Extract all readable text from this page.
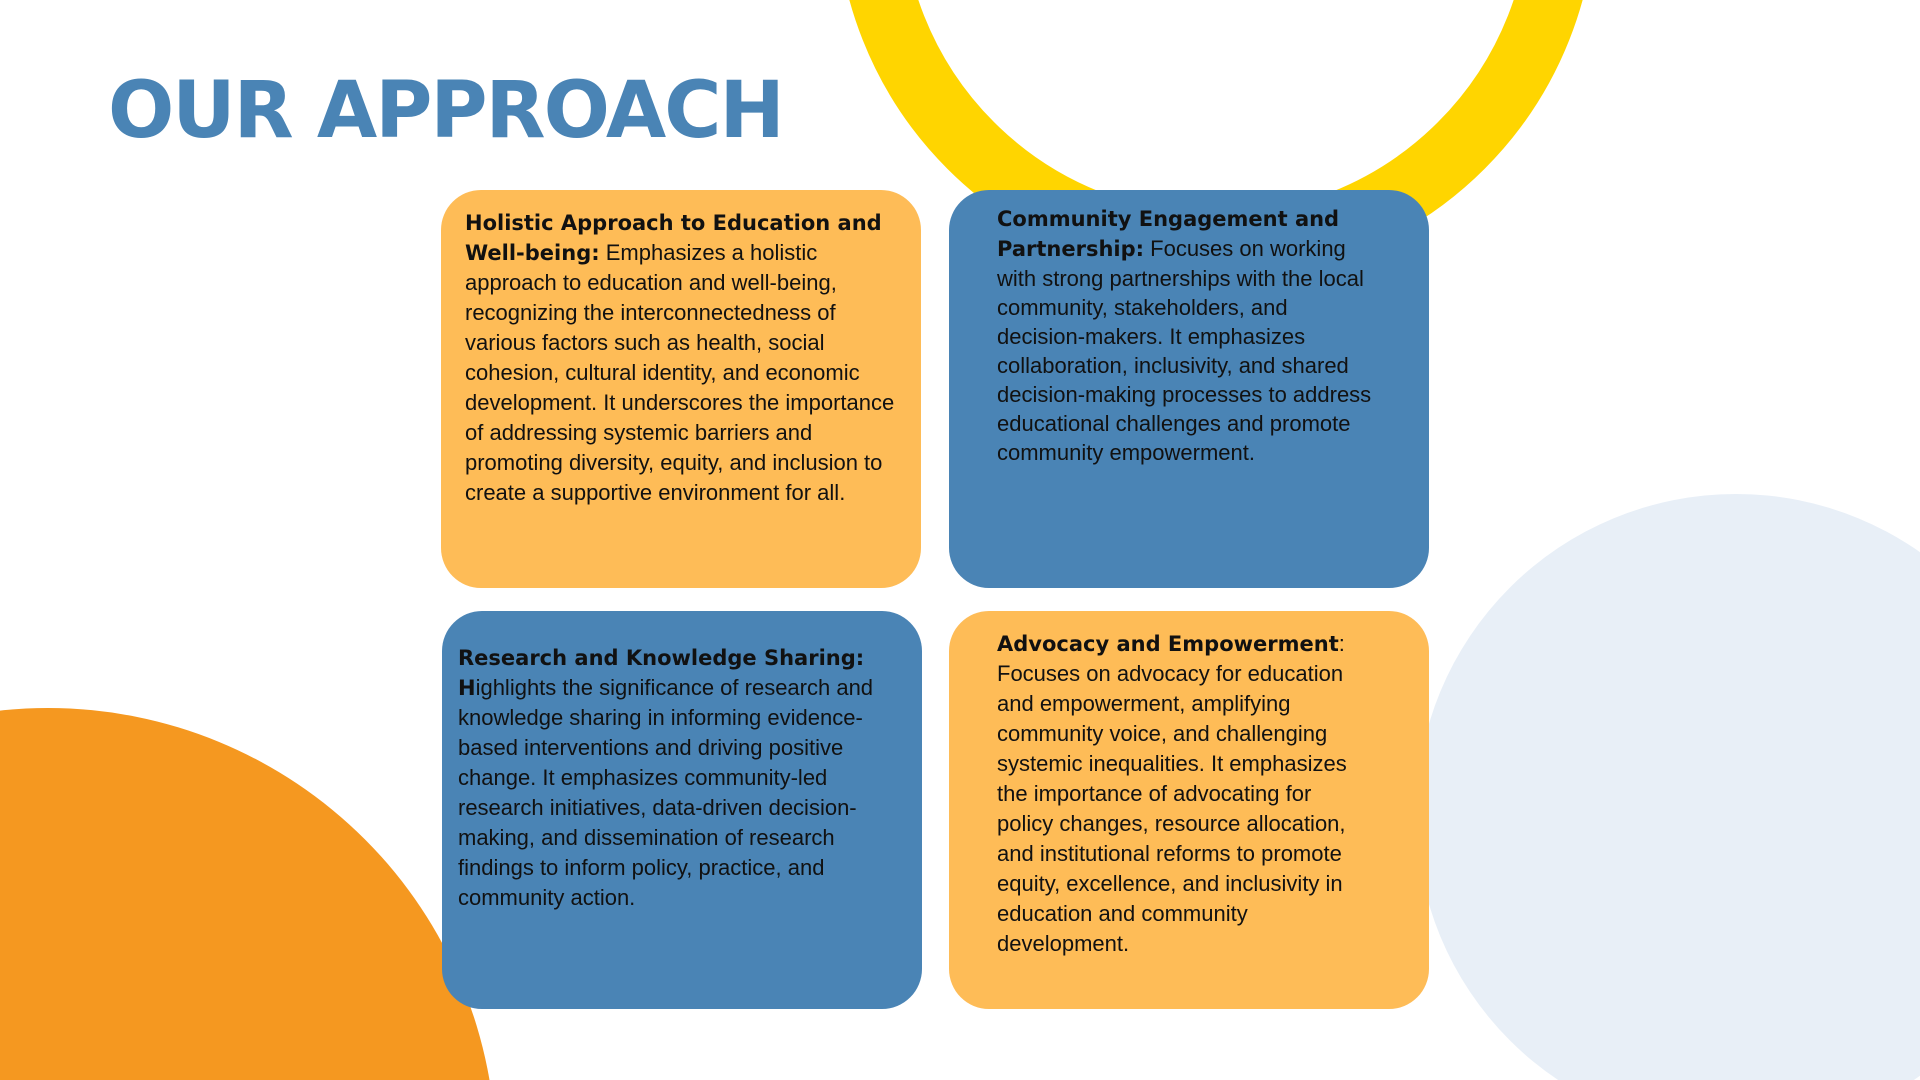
OUR APPROACH

Holistic Approach to Education and Well-being: Emphasizes a holistic approach to education and well-being, recognizing the interconnectedness of various factors such as health, social cohesion, cultural identity, and economic development. It underscores the importance of addressing systemic barriers and promoting diversity, equity, and inclusion to create a supportive environment for all.

Community Engagement and Partnership: Focuses on working with strong partnerships with the local community, stakeholders, and decision-makers. It emphasizes collaboration, inclusivity, and shared decision-making processes to address educational challenges and promote community empowerment.

Research and Knowledge Sharing:

Highlights the significance of research and knowledge sharing in informing evidence-based interventions and driving positive change. It emphasizes community-led research initiatives, data-driven decision-making, and dissemination of research findings to inform policy, practice, and community action.

Advocacy and Empowerment:

Focuses on advocacy for education and empowerment, amplifying community voice, and challenging systemic inequalities. It emphasizes the importance of advocating for policy changes, resource allocation, and institutional reforms to promote equity, excellence, and inclusivity in education and community development.
